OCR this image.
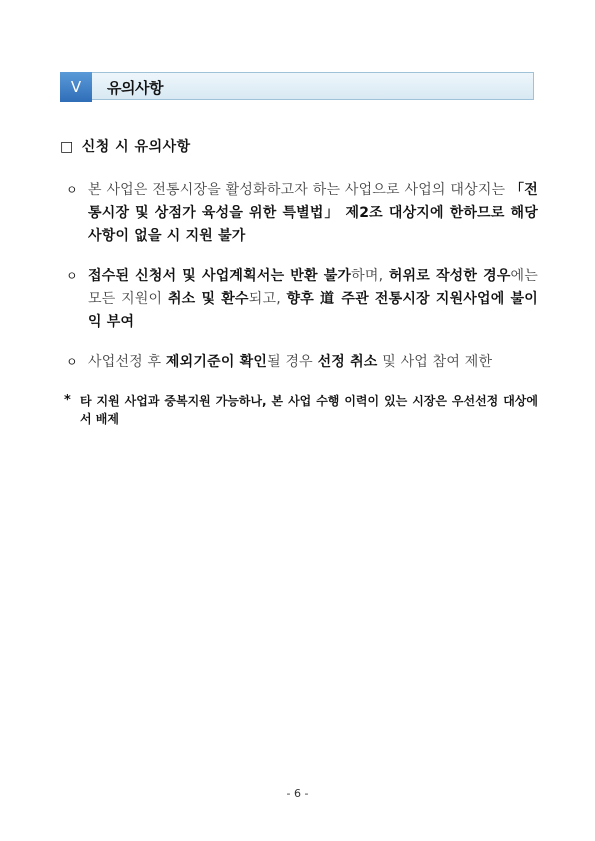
Ⅴ	유의사항
□ 신청 시 유의사항
ㅇ 본 사업은 전통시장을 활성화하고자 하는 사업으로 사업의 대상지는 「전통시장 및 상점가 육성을 위한 특별법」 제2조 대상지에 한하므로 해당 사항이 없을 시 지원 불가
ㅇ 접수된 신청서 및 사업계획서는 반환 불가하며, 허위로 작성한 경우에는 모든 지원이 취소 및 환수되고, 향후 道 주관 전통시장 지원사업에 불이익 부여
ㅇ 사업선정 후 제외기준이 확인될 경우 선정 취소 및 사업 참여 제한
* 타 지원 사업과 중복지원 가능하나, 본 사업 수행 이력이 있는 시장은 우선선정 대상에서 배제
- 6 -
